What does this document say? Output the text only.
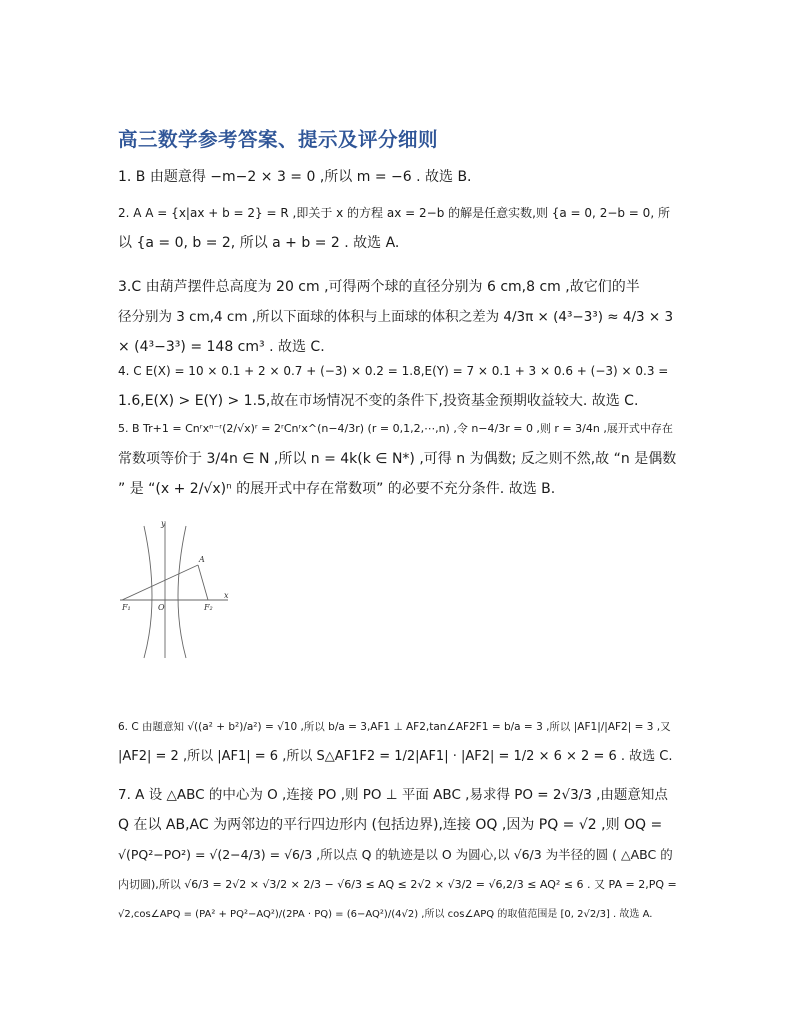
高三数学参考答案、提示及评分细则

1. B 由题意得 −m−2 × 3 = 0 ,所以 m = −6 . 故选 B.

2. A A = {x|ax + b = 2} = R ,即关于 x 的方程 ax = 2−b 的解是任意实数,则 {a = 0, 2−b = 0, 所

以 {a = 0, b = 2, 所以 a + b = 2 . 故选 A.

3.C 由葫芦摆件总高度为 20 cm ,可得两个球的直径分别为 6 cm,8 cm ,故它们的半

径分别为 3 cm,4 cm ,所以下面球的体积与上面球的体积之差为 4/3π × (4³−3³) ≈ 4/3 × 3

× (4³−3³) = 148 cm³ . 故选 C.

4. C E(X) = 10 × 0.1 + 2 × 0.7 + (−3) × 0.2 = 1.8,E(Y) = 7 × 0.1 + 3 × 0.6 + (−3) × 0.3 =

1.6,E(X) > E(Y) > 1.5,故在市场情况不变的条件下,投资基金预期收益较大. 故选 C.

5. B Tr+1 = Cnʳxⁿ⁻ʳ(2/√x)ʳ = 2ʳCnʳx^(n−4/3r) (r = 0,1,2,⋯,n) ,令 n−4/3r = 0 ,则 r = 3/4n ,展开式中存在

常数项等价于 3/4n ∈ N ,所以 n = 4k(k ∈ N*) ,可得 n 为偶数; 反之则不然,故 “n 是偶数

” 是 “(x + 2/√x)ⁿ 的展开式中存在常数项” 的必要不充分条件. 故选 B.

6. C 由题意知 √((a² + b²)/a²) = √10 ,所以 b/a = 3,AF1 ⊥ AF2,tan∠AF2F1 = b/a = 3 ,所以 |AF1|/|AF2| = 3 ,又

|AF2| = 2 ,所以 |AF1| = 6 ,所以 S△AF1F2 = 1/2|AF1| · |AF2| = 1/2 × 6 × 2 = 6 . 故选 C.

7. A 设 △ABC 的中心为 O ,连接 PO ,则 PO ⊥ 平面 ABC ,易求得 PO = 2√3/3 ,由题意知点

Q 在以 AB,AC 为两邻边的平行四边形内 (包括边界),连接 OQ ,因为 PQ = √2 ,则 OQ =

√(PQ²−PO²) = √(2−4/3) = √6/3 ,所以点 Q 的轨迹是以 O 为圆心,以 √6/3 为半径的圆 ( △ABC 的

内切圆),所以 √6/3 = 2√2 × √3/2 × 2/3 − √6/3 ≤ AQ ≤ 2√2 × √3/2 = √6,2/3 ≤ AQ² ≤ 6 . 又 PA = 2,PQ =

√2,cos∠APQ = (PA² + PQ²−AQ²)/(2PA · PQ) = (6−AQ²)/(4√2) ,所以 cos∠APQ 的取值范围是 [0, 2√2/3] . 故选 A.

y
x
A
O
F₁	F₂
